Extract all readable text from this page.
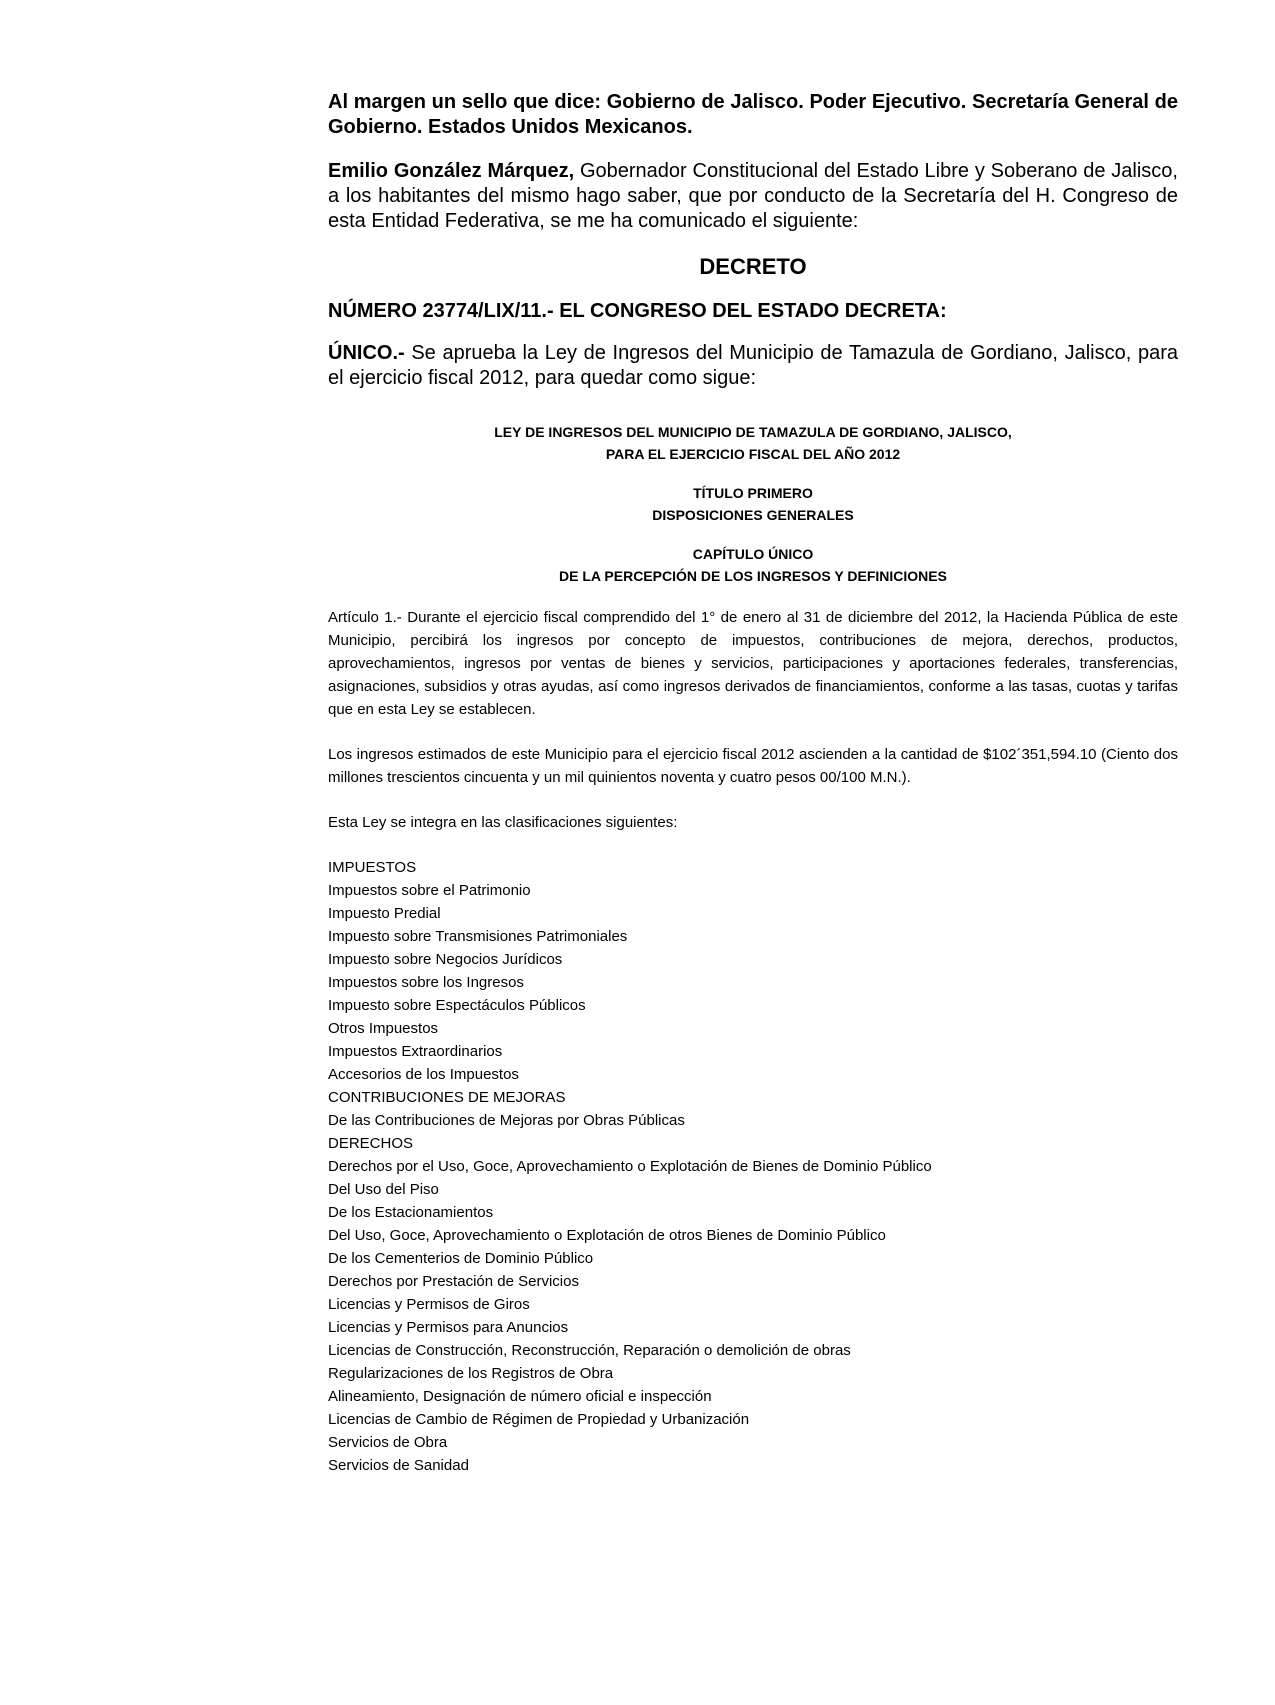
Al margen un sello que dice: Gobierno de Jalisco. Poder Ejecutivo. Secretaría General de Gobierno. Estados Unidos Mexicanos.

Emilio González Márquez, Gobernador Constitucional del Estado Libre y Soberano de Jalisco, a los habitantes del mismo hago saber, que por conducto de la Secretaría del H. Congreso de esta Entidad Federativa, se me ha comunicado el siguiente:

DECRETO

NÚMERO 23774/LIX/11.- EL CONGRESO DEL ESTADO DECRETA:

ÚNICO.- Se aprueba la Ley de Ingresos del Municipio de Tamazula de Gordiano, Jalisco, para el ejercicio fiscal 2012, para quedar como sigue:

LEY DE INGRESOS DEL MUNICIPIO DE TAMAZULA DE GORDIANO, JALISCO,
PARA EL EJERCICIO FISCAL DEL AÑO 2012
TÍTULO PRIMERO
DISPOSICIONES GENERALES
CAPÍTULO ÚNICO
DE LA PERCEPCIÓN DE LOS INGRESOS Y DEFINICIONES

Artículo 1.- Durante el ejercicio fiscal comprendido del 1° de enero al 31 de diciembre del 2012, la Hacienda Pública de este Municipio, percibirá los ingresos por concepto de impuestos, contribuciones de mejora, derechos, productos, aprovechamientos, ingresos por ventas de bienes y servicios, participaciones y aportaciones federales, transferencias, asignaciones, subsidios y otras ayudas, así como ingresos derivados de financiamientos, conforme a las tasas, cuotas y tarifas que en esta Ley se establecen.

Los ingresos estimados de este Municipio para el ejercicio fiscal 2012 ascienden a la cantidad de $102´351,594.10 (Ciento dos millones trescientos cincuenta y un mil quinientos noventa y cuatro pesos 00/100 M.N.).

Esta Ley se integra en las clasificaciones siguientes:

IMPUESTOS
Impuestos sobre el Patrimonio
Impuesto Predial
Impuesto sobre Transmisiones Patrimoniales
Impuesto sobre Negocios Jurídicos
Impuestos sobre los Ingresos
Impuesto sobre Espectáculos Públicos
Otros Impuestos
Impuestos Extraordinarios
Accesorios de los Impuestos
CONTRIBUCIONES DE MEJORAS
De las Contribuciones de Mejoras por Obras Públicas
DERECHOS
Derechos por el Uso, Goce, Aprovechamiento o Explotación de Bienes de Dominio Público
Del Uso del Piso
De los Estacionamientos
Del Uso, Goce, Aprovechamiento o Explotación de otros Bienes de Dominio Público
De los Cementerios de Dominio Público
Derechos por Prestación de Servicios
Licencias y Permisos de Giros
Licencias y Permisos para Anuncios
Licencias de Construcción, Reconstrucción, Reparación o demolición de obras
Regularizaciones de los Registros de Obra
Alineamiento, Designación de número oficial e inspección
Licencias de Cambio de Régimen de Propiedad y Urbanización
Servicios de Obra
Servicios de Sanidad
